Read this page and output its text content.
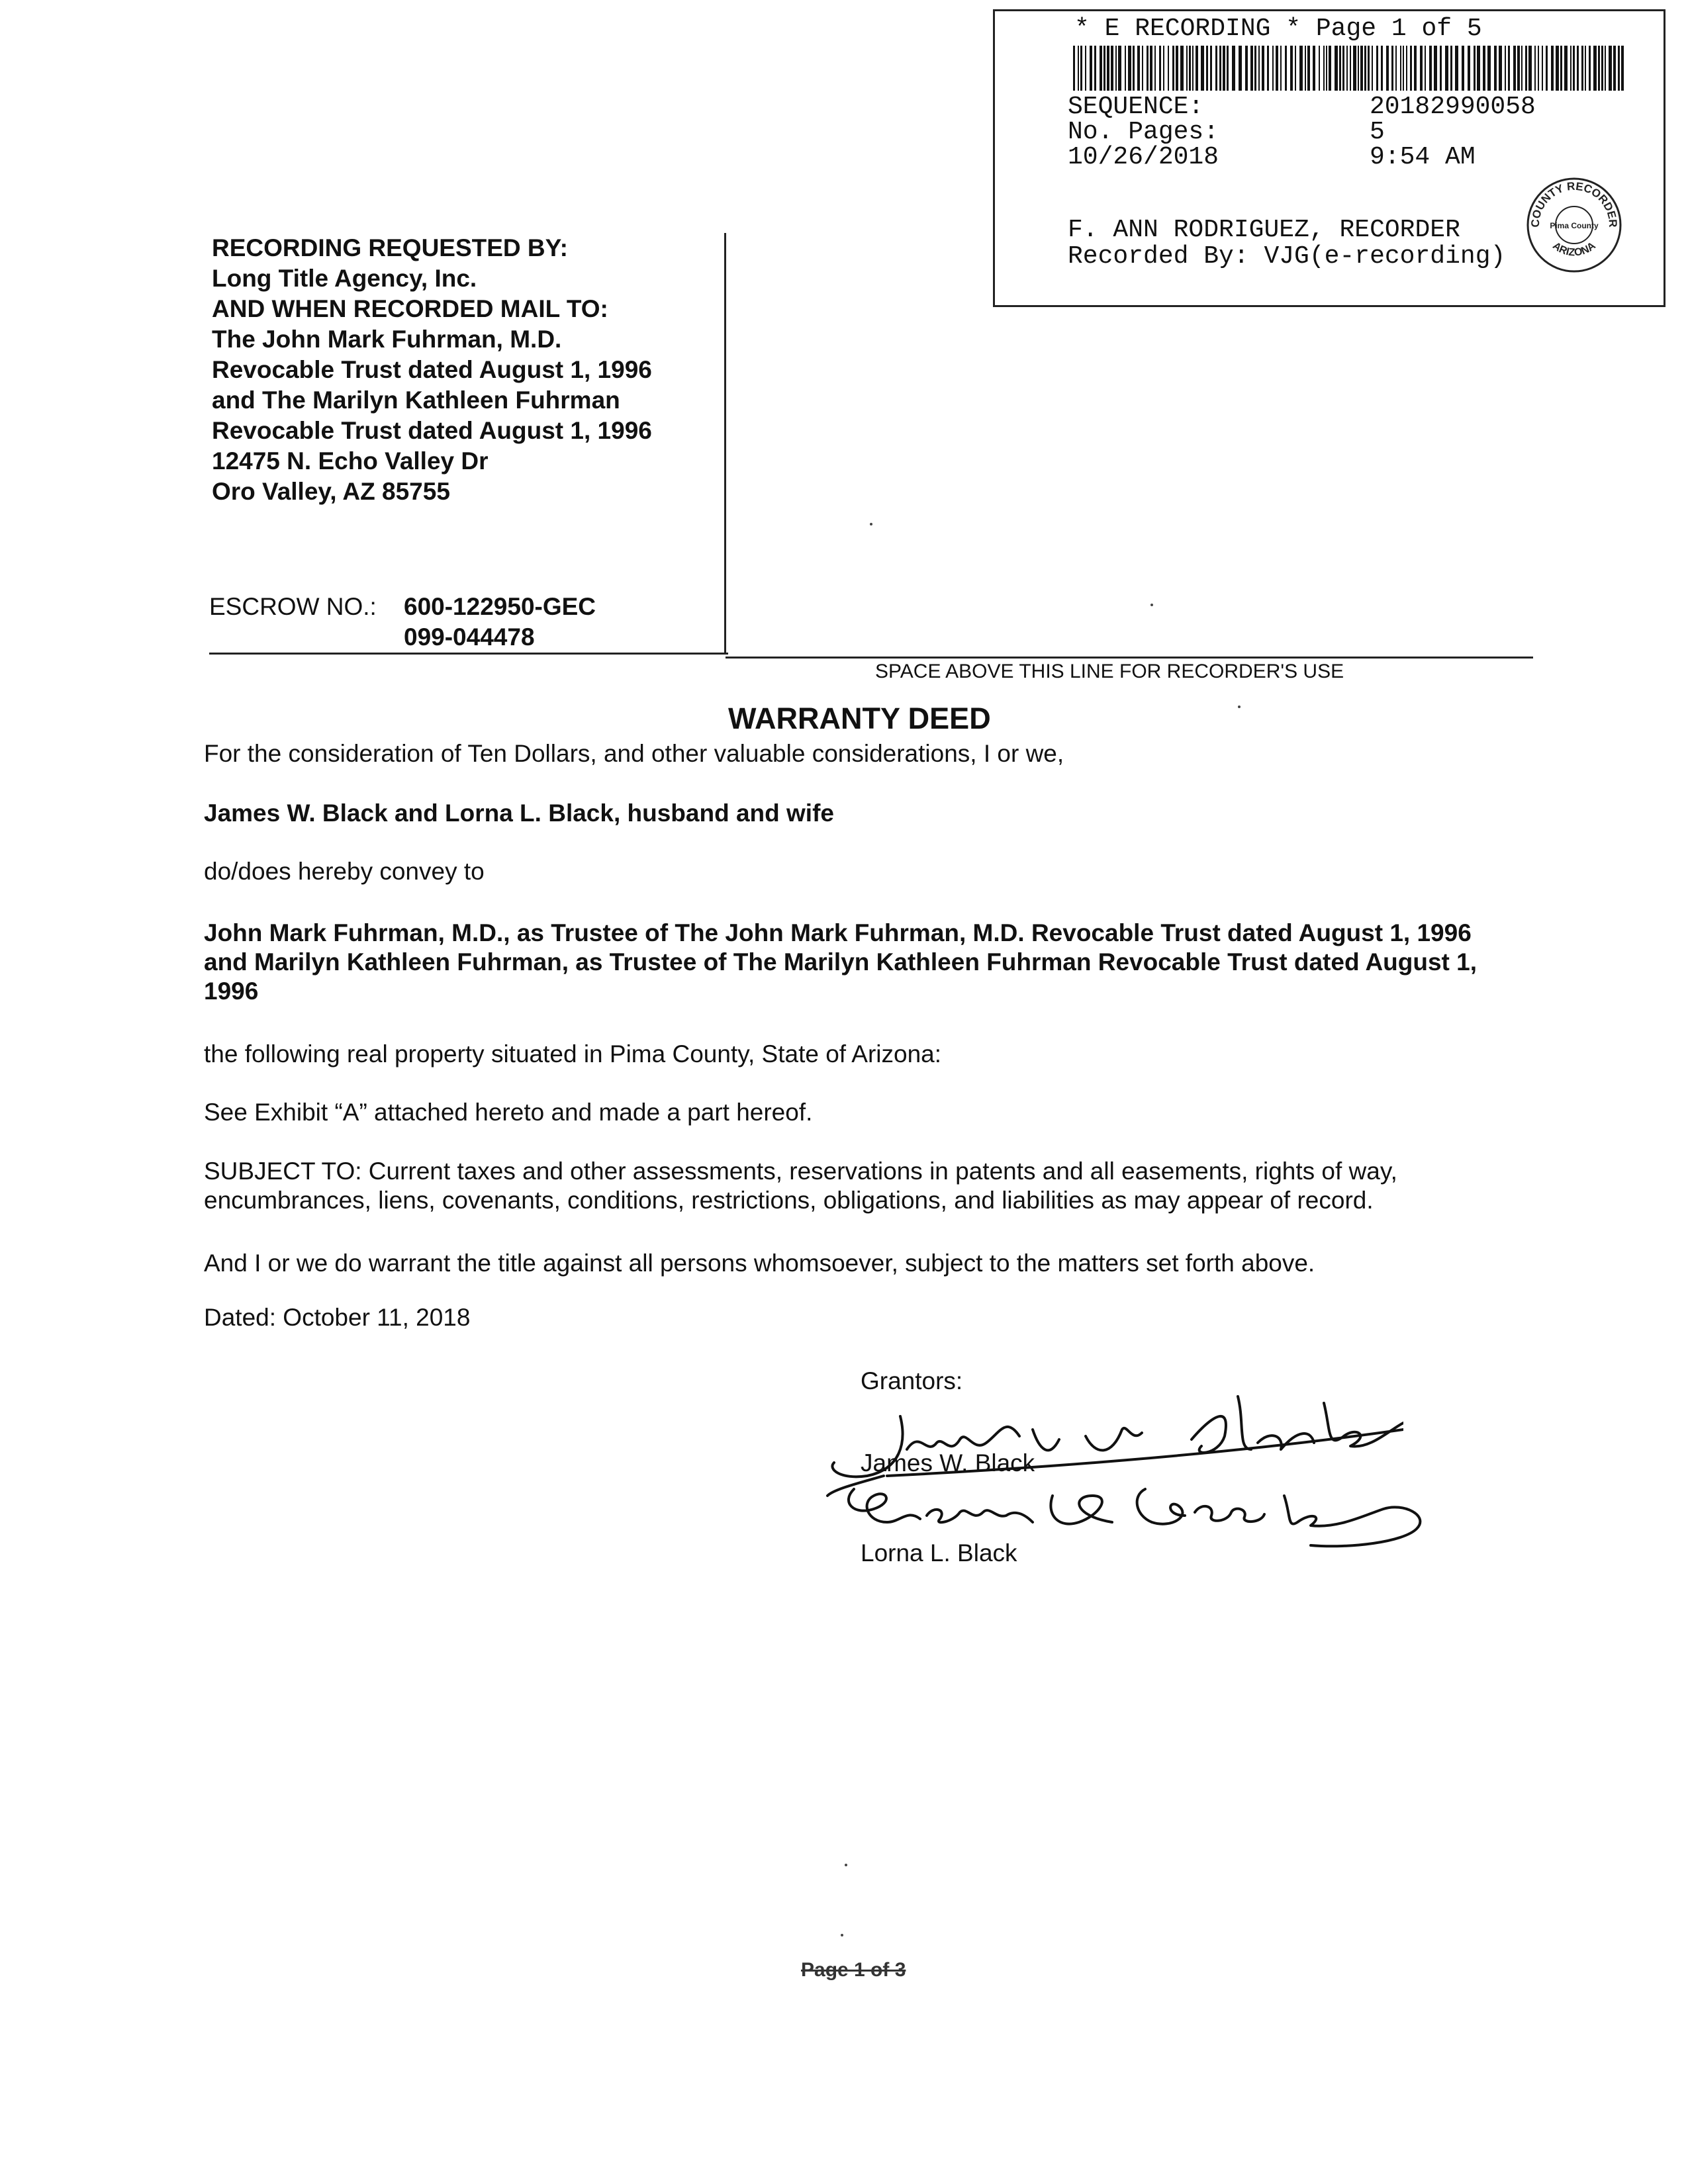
* E RECORDING * Page 1 of 5
SEQUENCE:	20182990058
No. Pages:	5
10/26/2018	9:54 AM
F. ANN RODRIGUEZ, RECORDER
Recorded By: VJG(e-recording)
COUNTY RECORDER
ARIZONA
Pima County
RECORDING REQUESTED BY:
Long Title Agency, Inc.
AND WHEN RECORDED MAIL TO:
The John Mark Fuhrman, M.D.
Revocable Trust dated August 1, 1996
and The Marilyn Kathleen Fuhrman
Revocable Trust dated August 1, 1996
12475 N. Echo Valley Dr
Oro Valley, AZ 85755
ESCROW NO.: 600-122950-GEC
099-044478
SPACE ABOVE THIS LINE FOR RECORDER'S USE
WARRANTY DEED
For the consideration of Ten Dollars, and other valuable considerations, I or we,
James W. Black and Lorna L. Black, husband and wife
do/does hereby convey to
John Mark Fuhrman, M.D., as Trustee of The John Mark Fuhrman, M.D. Revocable Trust dated August 1, 1996 and Marilyn Kathleen Fuhrman, as Trustee of The Marilyn Kathleen Fuhrman Revocable Trust dated August 1, 1996
the following real property situated in Pima County, State of Arizona:
See Exhibit “A” attached hereto and made a part hereof.
SUBJECT TO: Current taxes and other assessments, reservations in patents and all easements, rights of way, encumbrances, liens, covenants, conditions, restrictions, obligations, and liabilities as may appear of record.
And I or we do warrant the title against all persons whomsoever, subject to the matters set forth above.
Dated: October 11, 2018
Grantors:
James W. Black
Lorna L. Black
Page 1 of 3
